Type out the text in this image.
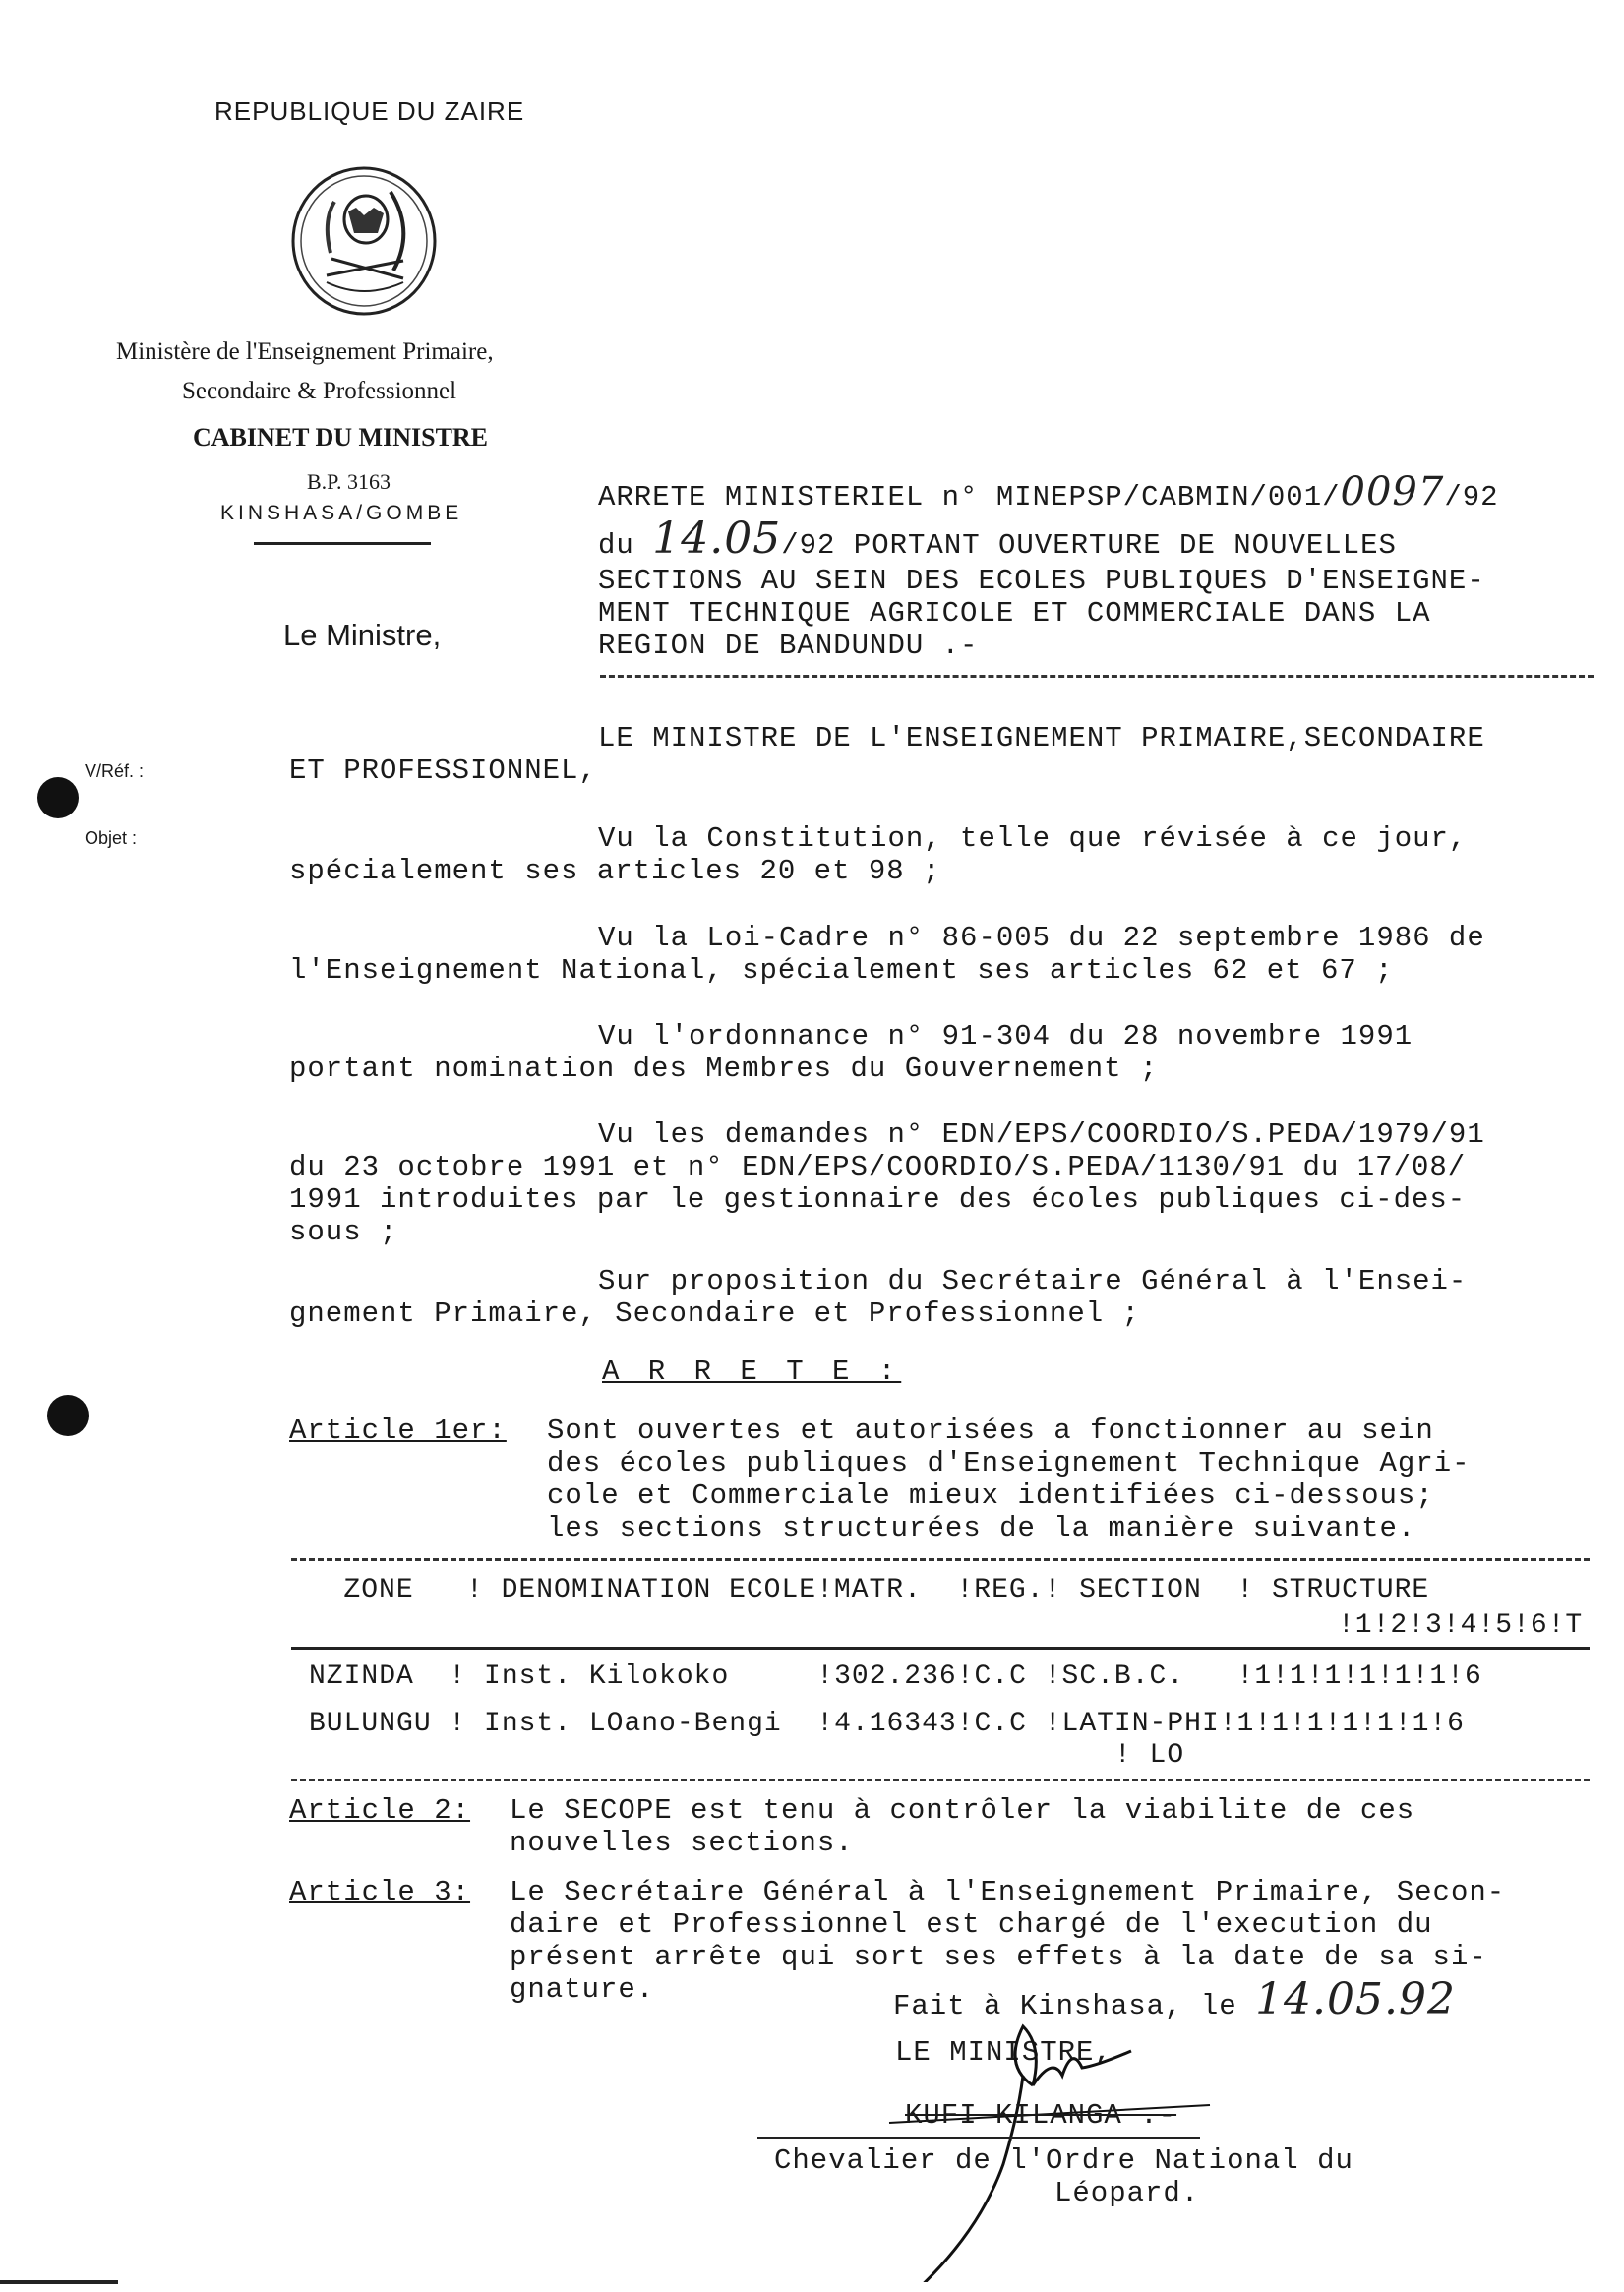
REPUBLIQUE DU ZAIRE
Ministère de l'Enseignement Primaire,
Secondaire & Professionnel
CABINET DU MINISTRE
B.P. 3163
KINSHASA/GOMBE
Le Ministre,
V/Réf. :
Objet :
ARRETE MINISTERIEL n° MINEPSP/CABMIN/001/0097/92
du 14.05/92 PORTANT OUVERTURE DE NOUVELLES
SECTIONS AU SEIN DES ECOLES PUBLIQUES D'ENSEIGNE-
MENT TECHNIQUE AGRICOLE ET COMMERCIALE DANS LA
REGION DE BANDUNDU .-
LE MINISTRE DE L'ENSEIGNEMENT PRIMAIRE,SECONDAIRE
ET PROFESSIONNEL,
Vu la Constitution, telle que révisée à ce jour,
spécialement ses articles 20 et 98 ;
Vu la Loi-Cadre n° 86-005 du 22 septembre 1986 de
l'Enseignement National, spécialement ses articles 62 et 67 ;
Vu l'ordonnance n° 91-304 du 28 novembre 1991
portant nomination des Membres du Gouvernement ;
Vu les demandes n° EDN/EPS/COORDIO/S.PEDA/1979/91
du 23 octobre 1991 et n° EDN/EPS/COORDIO/S.PEDA/1130/91 du 17/08/
1991 introduites par le gestionnaire des écoles publiques ci-des-
sous ;
Sur proposition du Secrétaire Général à l'Ensei-
gnement Primaire, Secondaire et Professionnel ;
A R R E T E :
Article 1er: Sont ouvertes et autorisées a fonctionner au sein
des écoles publiques d'Enseignement Technique Agri-
cole et Commerciale mieux identifiées ci-dessous;
les sections structurées de la manière suivante.
ZONE   ! DENOMINATION ECOLE!MATR.  !REG.! SECTION  ! STRUCTURE
!1!2!3!4!5!6!T
NZINDA  ! Inst. Kilokoko     !302.236!C.C !SC.B.C.   !1!1!1!1!1!1!6
BULUNGU ! Inst. LOano-Bengi  !4.16343!C.C !LATIN-PHI!1!1!1!1!1!1!6
! LO
Article 2: Le SECOPE est tenu à contrôler la viabilite de ces
nouvelles sections.
Article 3: Le Secrétaire Général à l'Enseignement Primaire, Secon-
daire et Professionnel est chargé de l'execution du
présent arrête qui sort ses effets à la date de sa si-
gnature.
Fait à Kinshasa, le 14.05.92
LE MINISTRE,
KUFI KILANGA .-
Chevalier de l'Ordre National du
Léopard.
